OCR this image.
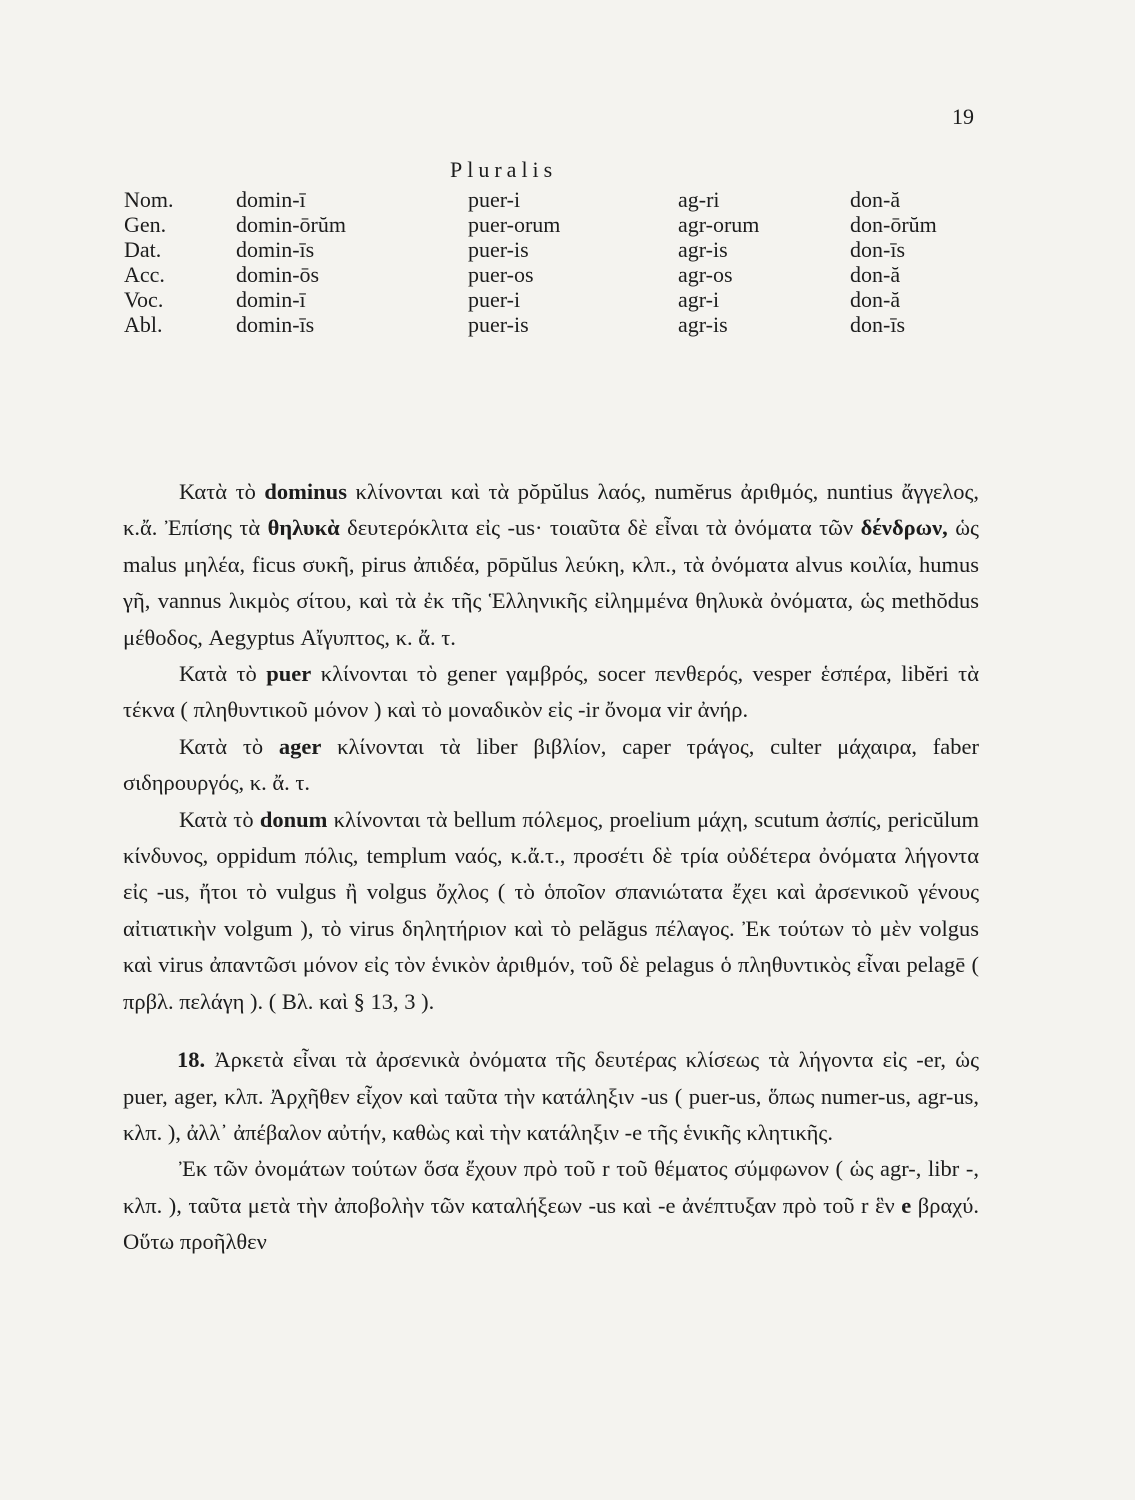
19
Pluralis
Nom.	domin-ī	puer-i	ag-ri	don-ă
Gen.	domin-ōrŭm	puer-orum	agr-orum	don-ōrŭm
Dat.	domin-īs	puer-is	agr-is	don-īs
Acc.	domin-ōs	puer-os	agr-os	don-ă
Voc.	domin-ī	puer-i	agr-i	don-ă
Abl.	domin-īs	puer-is	agr-is	don-īs

Κατὰ τὸ dominus κλίνονται καὶ τὰ pŏpŭlus λαός, numĕrus ἀριθμός, nuntius ἄγγελος, κ.ἄ. Ἐπίσης τὰ θηλυκὰ δευτερόκλιτα εἰς -us· τοιαῦτα δὲ εἶναι τὰ ὀνόματα τῶν δένδρων, ὡς malus μηλέα, ficus συκῆ, pirus ἀπιδέα, pōpŭlus λεύκη, κλπ., τὰ ὀνόματα alvus κοιλία, humus γῆ, vannus λικμὸς σίτου, καὶ τὰ ἐκ τῆς Ἑλληνικῆς εἰλημμένα θηλυκὰ ὀνόματα, ὡς methŏdus μέθοδος, Aegyptus Αἴγυπτος, κ. ἄ. τ.

Κατὰ τὸ puer κλίνονται τὸ gener γαμβρός, socer πενθερός, vesper ἑσπέρα, libĕri τὰ τέκνα ( πληθυντικοῦ μόνον ) καὶ τὸ μοναδικὸν εἰς -ir ὄνομα vir ἀνήρ.

Κατὰ τὸ ager κλίνονται τὰ liber βιβλίον, caper τράγος, culter μάχαιρα, faber σιδηρουργός, κ. ἄ. τ.

Κατὰ τὸ donum κλίνονται τὰ bellum πόλεμος, proelium μάχη, scutum ἀσπίς, pericŭlum κίνδυνος, oppidum πόλις, templum ναός, κ.ἄ.τ., προσέτι δὲ τρία οὐδέτερα ὀνόματα λήγοντα εἰς -us, ἤτοι τὸ vulgus ἢ volgus ὄχλος ( τὸ ὁποῖον σπανιώτατα ἔχει καὶ ἀρσενικοῦ γένους αἰτιατικὴν volgum ), τὸ virus δηλητήριον καὶ τὸ pelăgus πέλαγος. Ἐκ τούτων τὸ μὲν volgus καὶ virus ἀπαντῶσι μόνον εἰς τὸν ἑνικὸν ἀριθμόν, τοῦ δὲ pelagus ὁ πληθυντικὸς εἶναι pelagē ( πρβλ. πελάγη ). ( Βλ. καὶ § 13, 3 ).

18. Ἀρκετὰ εἶναι τὰ ἀρσενικὰ ὀνόματα τῆς δευτέρας κλίσεως τὰ λήγοντα εἰς -er, ὡς puer, ager, κλπ. Ἀρχῆθεν εἶχον καὶ ταῦτα τὴν κατάληξιν -us ( puer-us, ὅπως numer-us, agr-us, κλπ. ), ἀλλ᾽ ἀπέβαλον αὐτήν, καθὼς καὶ τὴν κατάληξιν -e τῆς ἑνικῆς κλητικῆς.

Ἐκ τῶν ὀνομάτων τούτων ὅσα ἔχουν πρὸ τοῦ r τοῦ θέματος σύμφωνον ( ὡς agr-, libr -, κλπ. ), ταῦτα μετὰ τὴν ἀποβολὴν τῶν καταλήξεων -us καὶ -e ἀνέπτυξαν πρὸ τοῦ r ἓν e βραχύ. Οὕτω προῆλθεν
